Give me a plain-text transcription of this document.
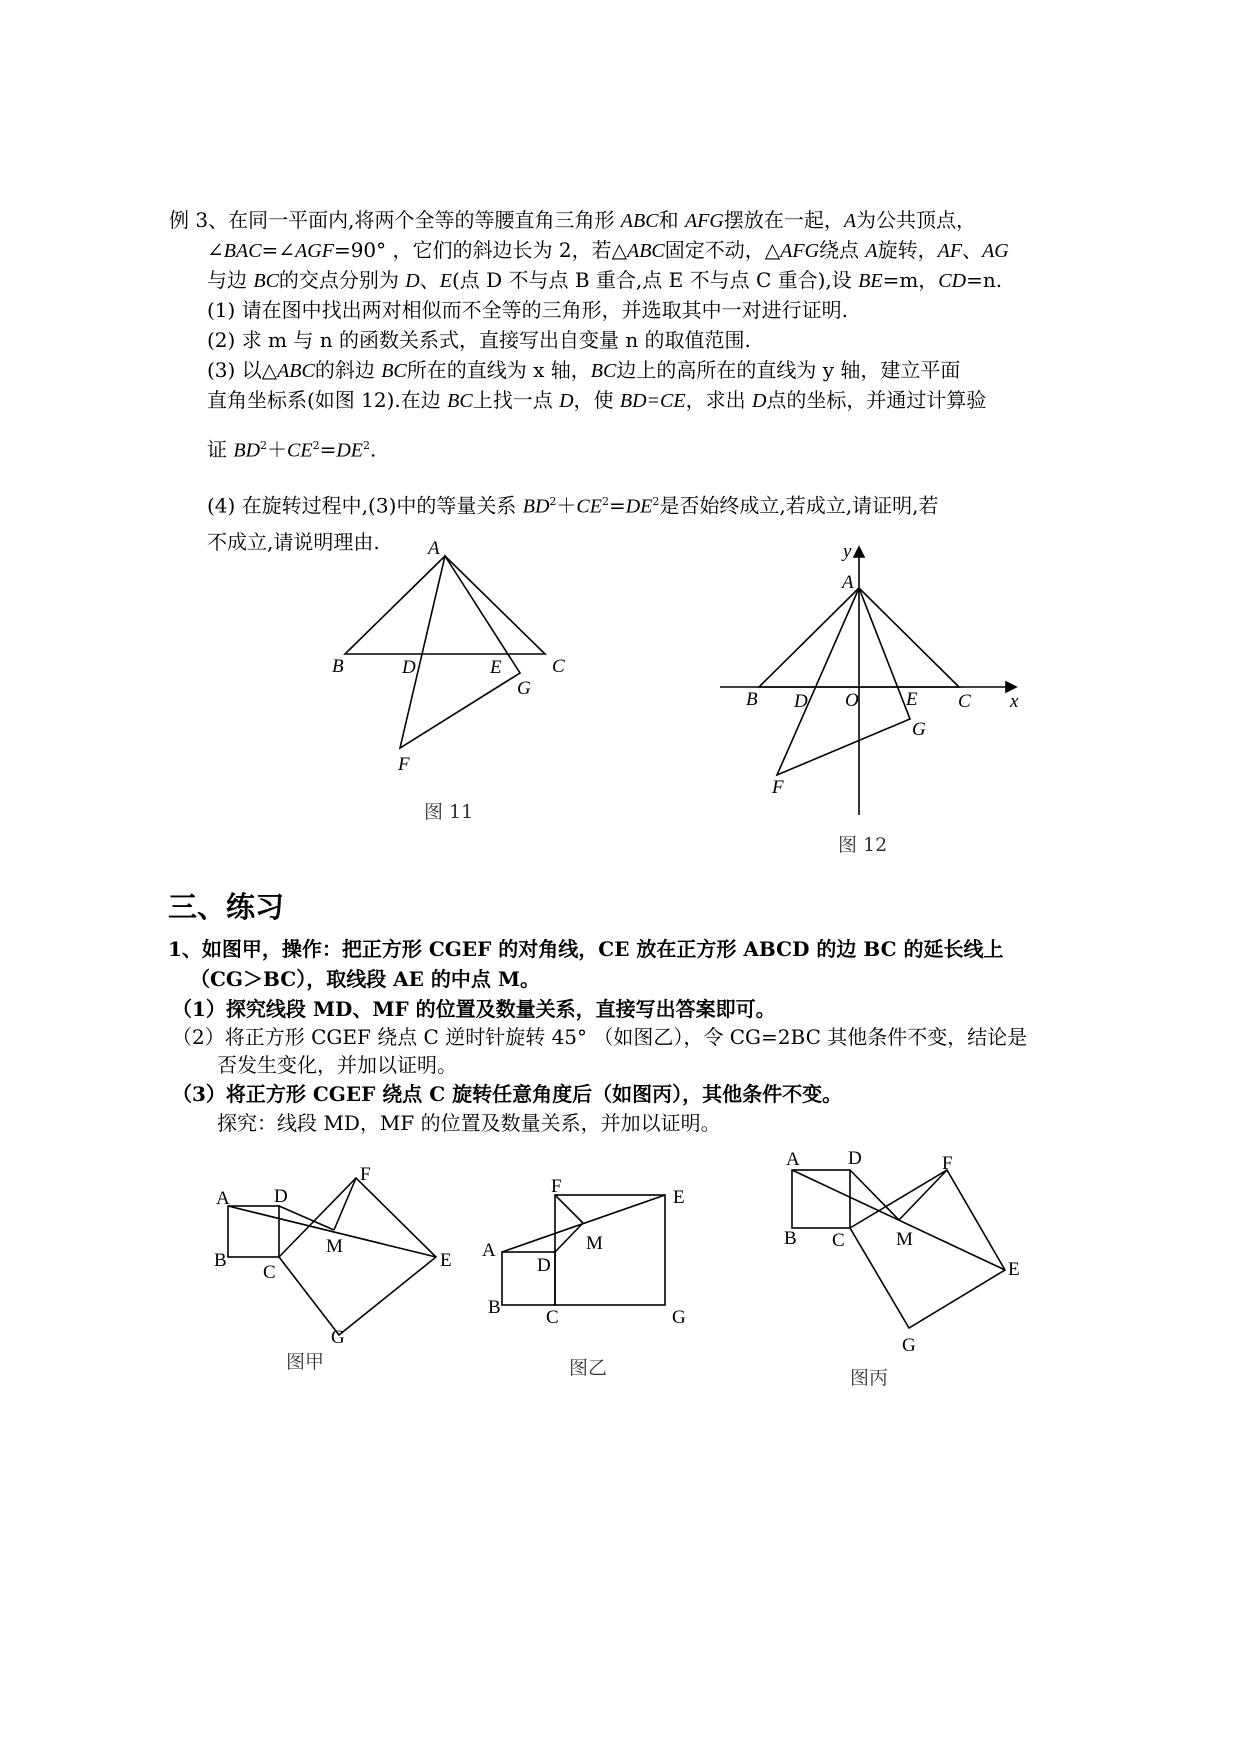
例 3、在同一平面内,将两个全等的等腰直角三角形 ABC和 AFG摆放在一起，A为公共顶点，
∠BAC=∠AGF=90° ，它们的斜边长为 2，若△ABC固定不动，△AFG绕点 A旋转，AF、AG
与边 BC的交点分别为 D、E(点 D 不与点 B 重合,点 E 不与点 C 重合),设 BE=m，CD=n.
(1) 请在图中找出两对相似而不全等的三角形，并选取其中一对进行证明.
(2) 求 m 与 n 的函数关系式，直接写出自变量 n 的取值范围.
(3) 以△ABC的斜边 BC所在的直线为 x 轴，BC边上的高所在的直线为 y 轴，建立平面
直角坐标系(如图 12).在边 BC上找一点 D，使 BD=CE，求出 D点的坐标，并通过计算验
证 $BD^2+CE^2=DE^2$.
(4) 在旋转过程中,(3)中的等量关系 $BD^2+CE^2=DE^2$是否始终成立,若成立,请证明,若
不成立,请说明理由.	A
B	C
D	E
F
G
图 11
y
x
A
B	C
D O E
F
G
图 12
三、练习
1、如图甲，操作：把正方形 CGEF 的对角线，CE 放在正方形 ABCD 的边 BC 的延长线上
（CG＞BC），取线段 AE 的中点 M。
（1）探究线段 MD、MF 的位置及数量关系，直接写出答案即可。
（2）将正方形 CGEF 绕点 C 逆时针旋转 45° （如图乙），令 CG=2BC 其他条件不变，结论是
否发生变化，并加以证明。
（3）将正方形 CGEF 绕点 C 旋转任意角度后（如图丙），其他条件不变。
探究：线段 MD，MF 的位置及数量关系，并加以证明。
A
B
C
D
E
F
G
M
图甲
A
B C
D
E
F
G
M
图乙
A
B C
D
E
F
G
M
图丙
